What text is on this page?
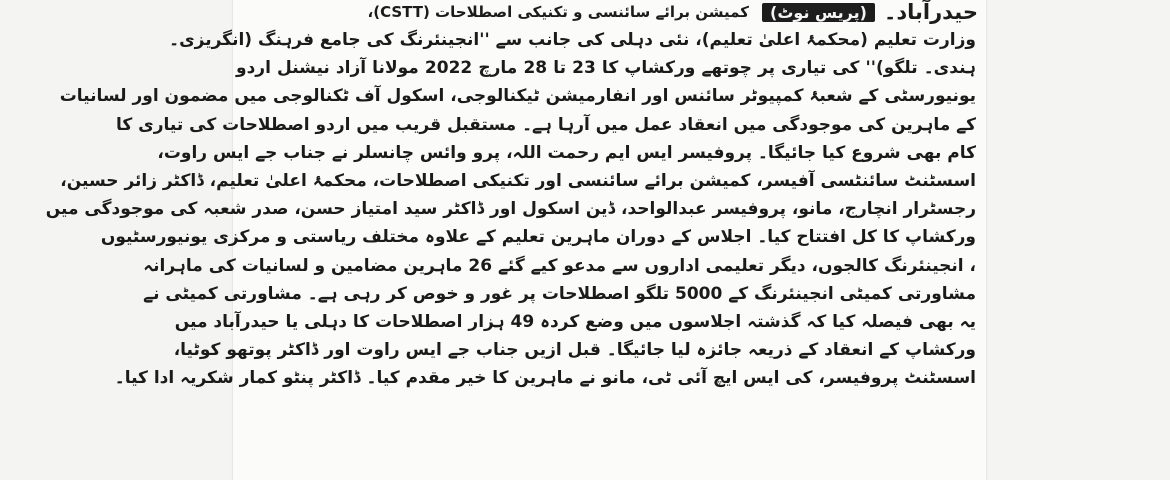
حیدرآباد۔ (پریس نوٹ) کمیشن برائے سائنسی و تکنیکی اصطلاحات (CSTT)،
وزارت تعلیم (محکمۂ اعلیٰ تعلیم)، نئی دہلی کی جانب سے ''انجینئرنگ کی جامع فرہنگ (انگریزی۔
ہندی۔ تلگو)'' کی تیاری پر چوتھے ورکشاپ کا 23 تا 28 مارچ 2022 مولانا آزاد نیشنل اردو
یونیورسٹی کے شعبۂ کمپیوٹر سائنس اور انفارمیشن ٹیکنالوجی، اسکول آف ٹکنالوجی میں مضمون اور لسانیات
کے ماہرین کی موجودگی میں انعقاد عمل میں آرہا ہے۔ مستقبل قریب میں اردو اصطلاحات کی تیاری کا
کام بھی شروع کیا جائیگا۔ پروفیسر ایس ایم رحمت اللہ، پرو وائس چانسلر نے جناب جے ایس راوت،
اسسٹنٹ سائنٹسی آفیسر، کمیشن برائے سائنسی اور تکنیکی اصطلاحات، محکمۂ اعلیٰ تعلیم، ڈاکٹر زائر حسین،
رجسٹرار انچارج، مانو، پروفیسر عبدالواحد، ڈین اسکول اور ڈاکٹر سید امتیاز حسن، صدر شعبہ کی موجودگی میں
ورکشاپ کا کل افتتاح کیا۔ اجلاس کے دوران ماہرین تعلیم کے علاوہ مختلف ریاستی و مرکزی یونیورسٹیوں
، انجینئرنگ کالجوں، دیگر تعلیمی اداروں سے مدعو کیے گئے 26 ماہرین مضامین و لسانیات کی ماہرانہ
مشاورتی کمیٹی انجینئرنگ کے 5000 تلگو اصطلاحات پر غور و خوص کر رہی ہے۔ مشاورتی کمیٹی نے
یہ بھی فیصلہ کیا کہ گذشتہ اجلاسوں میں وضع کردہ 49 ہزار اصطلاحات کا دہلی یا حیدرآباد میں
ورکشاپ کے انعقاد کے ذریعہ جائزہ لیا جائیگا۔ قبل ازیں جناب جے ایس راوت اور ڈاکٹر پوتھو کوٹیا،
اسسٹنٹ پروفیسر، کی ایس ایچ آئی ٹی، مانو نے ماہرین کا خیر مقدم کیا۔ ڈاکٹر پنٹو کمار شکریہ ادا کیا۔
